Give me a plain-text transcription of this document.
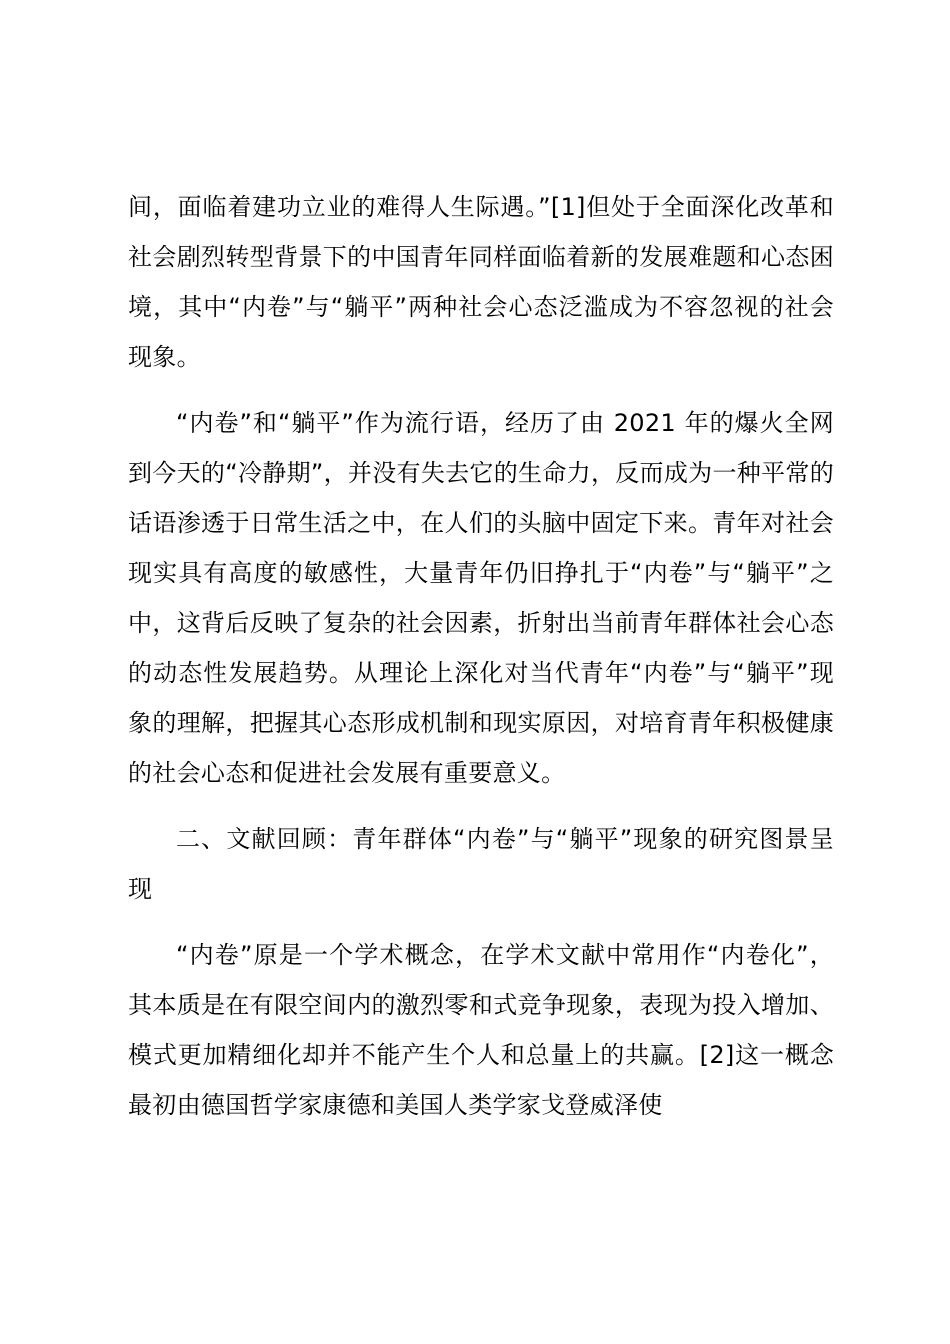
间，面临着建功立业的难得人生际遇。”[1]但处于全面深化改革和社会剧烈转型背景下的中国青年同样面临着新的发展难题和心态困境，其中“内卷”与“躺平”两种社会心态泛滥成为不容忽视的社会现象。

“内卷”和“躺平”作为流行语，经历了由 2021 年的爆火全网到今天的“冷静期”，并没有失去它的生命力，反而成为一种平常的话语渗透于日常生活之中，在人们的头脑中固定下来。青年对社会现实具有高度的敏感性，大量青年仍旧挣扎于“内卷”与“躺平”之中，这背后反映了复杂的社会因素，折射出当前青年群体社会心态的动态性发展趋势。从理论上深化对当代青年“内卷”与“躺平”现象的理解，把握其心态形成机制和现实原因，对培育青年积极健康的社会心态和促进社会发展有重要意义。

二、文献回顾：青年群体“内卷”与“躺平”现象的研究图景呈现

“内卷”原是一个学术概念，在学术文献中常用作“内卷化”，其本质是在有限空间内的激烈零和式竞争现象，表现为投入增加、模式更加精细化却并不能产生个人和总量上的共赢。[2]这一概念最初由德国哲学家康德和美国人类学家戈登威泽使
